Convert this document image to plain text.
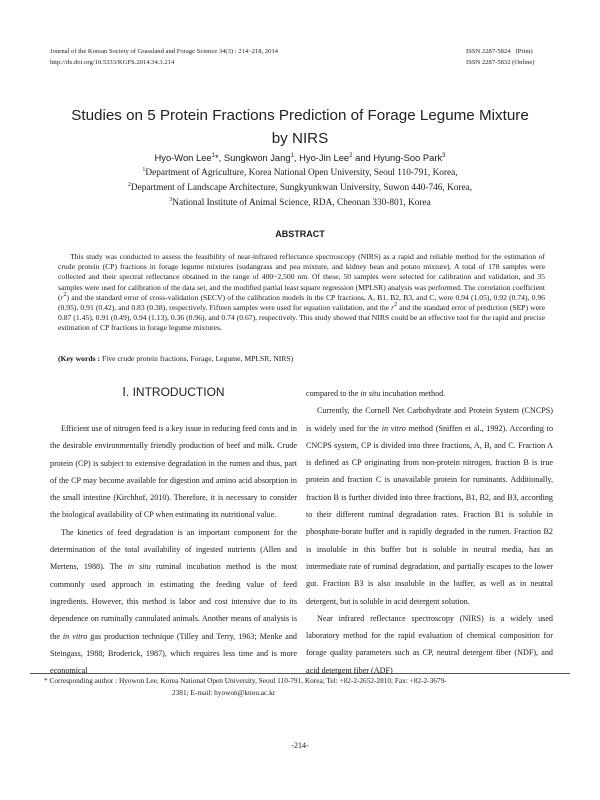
Journal of the Korean Society of Grassland and Forage Science 34(3) : 214~218, 2014
http://dx.doi.org/10.5333/KGFS.2014.34.3.214
ISSN 2287-5824   (Print)
ISSN 2287-5832 (Online)
Studies on 5 Protein Fractions Prediction of Forage Legume Mixture
by NIRS
Hyo-Won Lee$^1$*, Sungkwon Jang$^1$, Hyo-Jin Lee$^2$ and Hyung-Soo Park$^3$
$^1$Department of Agriculture, Korea National Open University, Seoul 110-791, Korea,
$^2$Department of Landscape Architecture, Sungkyunkwan University, Suwon 440-746, Korea,
$^3$National Institute of Animal Science, RDA, Cheonan 330-801, Korea
ABSTRACT
This study was conducted to assess the feasibility of near-infrared reflectance spectroscopy (NIRS) as a rapid and reliable method for the estimation of crude protein (CP) fractions in forage legume mixtures (sudangrass and pea mixture, and kidney bean and potato mixture). A total of 178 samples were collected and their spectral reflectance obtained in the range of 400~2,500 nm. Of these, 50 samples were selected for calibration and validation, and 35 samples were used for calibration of the data set, and the modified partial least square regression (MPLSR) analysis was performed. The correlation coefficient $(r^2)$ and the standard error of cross-validation (SECV) of the calibration models in the CP fractions, A, B1, B2, B3, and C, were 0.94 (1.05), 0.92 (0.74), 0.96 (0.95), 0.91 (0.42), and 0.83 (0.38), respectively. Fifteen samples were used for equation validation, and the $r^2$ and the standard error of prediction (SEP) were 0.87 (1.45), 0.91 (0.49), 0.94 (1.13), 0.36 (0.96), and 0.74 (0.67), respectively. This study showed that NIRS could be an effective tool for the rapid and precise estimation of CP fractions in forage legume mixtures.
(Key words : Five crude protein fractions, Forage, Legume, MPLSR, NIRS)
Ⅰ. INTRODUCTION

Efficient use of nitrogen feed is a key issue in reducing feed costs and in the desirable environmentally friendly production of beef and milk. Crude protein (CP) is subject to extensive degradation in the rumen and thus, part of the CP may become available for digestion and amino acid absorption in the small intestine (Kirchhof, 2010). Therefore, it is necessary to consider the biological availability of CP when estimating its nutritional value.

The kinetics of feed degradation is an important component for the determination of the total availability of ingested nutrients (Allen and Mertens, 1988). The in situ ruminal incubation method is the most commonly used approach in estimating the feeding value of feed ingredients. However, this method is labor and cost intensive due to its dependence on ruminally cannulated animals. Another means of analysis is the in vitro gas production technique (Tilley and Terry, 1963; Menke and Steingass, 1988; Broderick, 1987), which requires less time and is more economical

compared to the in situ incubation method.

Currently, the Cornell Net Carbohydrate and Protein System (CNCPS) is widely used for the in vitro method (Sniffen et al., 1992). According to CNCPS system, CP is divided into three fractions, A, B, and C. Fraction A is defined as CP originating from non-protein nitrogen, fraction B is true protein and fraction C is unavailable protein for ruminants. Additionally, fraction B is further divided into three fractions, B1, B2, and B3, according to their different ruminal degradation rates. Fraction B1 is soluble in phosphate-borate buffer and is rapidly degraded in the rumen. Fraction B2 is insoluble in this buffer but is soluble in neutral media, has an intermediate rate of ruminal degradation, and partially escapes to the lower gut. Fraction B3 is also insoluble in the buffer, as well as in neutral detergent, but is soluble in acid detergent solution.

Near infrared reflectance spectroscopy (NIRS) is a widely used laboratory method for the rapid evaluation of chemical composition for forage quality parameters such as CP, neutral detergent fiber (NDF), and acid detergent fiber (ADF)

* Corresponding author : Hyowon Lee, Korea National Open University, Seoul 110-791, Korea; Tel: +82-2-2652-2810; Fax: +82-2-3679-
2381; E-mail: hyowon@knou.ac.kr
-214-
